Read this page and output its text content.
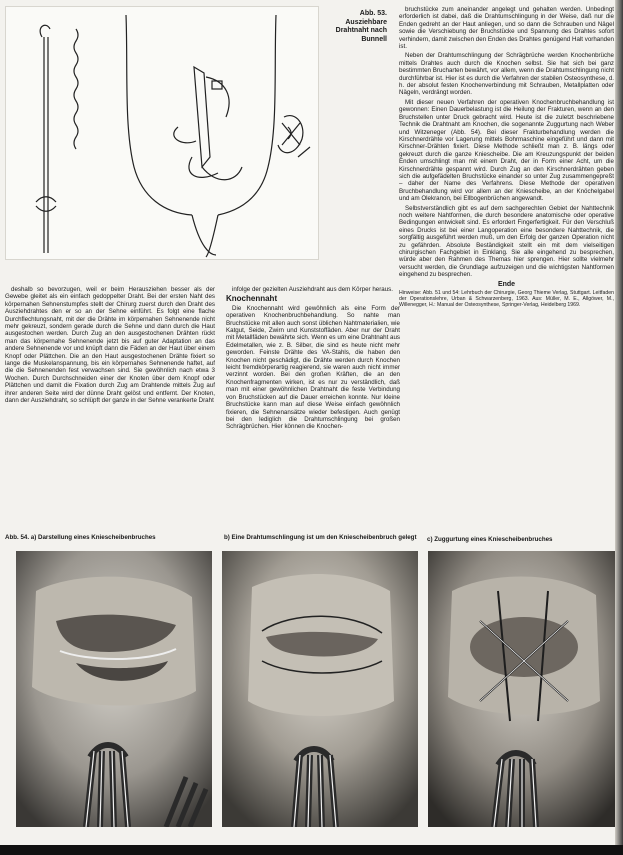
Abb. 53. Ausziehbare Drahtnaht nach Bunnell

deshalb so bevorzugen, weil er beim Herausziehen besser als der Gewebe gleitet als ein einfach gedoppelter Draht. Bei der ersten Naht des körpernahen Sehnenstumpfes stellt der Chirurg zuerst durch den Draht des Ausziehdrahtes den er so an der Sehne einführt. Es folgt eine flache Durchflechtungsnaht, mit der die Drähte im körpernahen Sehnenende nicht mehr gekreuzt, sondern gerade durch die Sehne und dann durch die Haut ausgestochen werden. Durch Zug an den ausgestochenen Drähten rückt man das körpernahe Sehnenende jetzt bis auf guter Adaptation an das andere Sehnenende vor und knüpft dann die Fäden an der Haut über einem Knopf oder Plättchen. Die an den Haut ausgestochenen Drähte fixiert so lange die Muskelanspannung, bis ein körpernahes Sehnenende haftet, auf die die Sehnenenden fest verwachsen sind. Sie gewöhnlich nach etwa 3 Wochen. Durch Durchschneiden einer der Knoten über dem Knopf oder Plättchen und damit die Fixation durch Zug am Drahtende mittels Zug auf ihrer anderen Seite wird der dünne Draht gelöst und entfernt. Der Knoten, dann der Ausziehdraht, so schlüpft der ganze in der Sehne verankerte Draht

infolge der gezielten Ausziehdraht aus dem Körper heraus.

Knochennaht

Die Knochennaht wird gewöhnlich als eine Form der operativen Knochenbruchbehandlung. So nahte man Bruchstücke mit allen auch sonst üblichen Nahtmaterialien, wie Katgut, Seide, Zwirn und Kunststoffäden. Aber nur der Draht mit Metallfäden bewährte sich. Wenn es um eine Drahtnaht aus Edelmetallen, wie z. B. Silber, die sind es heute nicht mehr geworden. Feinste Drähte des VA-Stahls, die haben den Knochen nicht geschädigt, die Drähte werden durch Knochen leicht fremdkörperartig reagierend, sie waren auch nicht immer verzinnt worden. Bei den großen Kräften, die an den Knochenfragmenten wirken, ist es nur zu verständlich, daß man mit einer gewöhnlichen Drahtnaht die feste Verbindung von Bruchstücken auf die Dauer erreichen konnte. Nur kleine Bruchstücke kann man auf diese Weise einfach gewöhnlich fixieren, die Sehnenansätze wieder befestigen. Auch genügt bei den lediglich die Drahtumschlingung bei großen Schrägbrüchen. Hier können die Knochen-

bruchstücke zum aneinander angelegt und gehalten werden. Unbedingt erforderlich ist dabei, daß die Drahtumschlingung in der Weise, daß nur die Enden gedreht an der Haut anliegen, und so dann die Schrauben und Nägel sowie die Verschiebung der Bruchstücke und Spannung des Drahtes sofort verhindern, damit zwischen den Enden des Drahtes genügend Halt vorhanden ist.

Neben der Drahtumschlingung der Schrägbrüche werden Knochenbrüche mittels Drahtes auch durch die Knochen selbst. Sie hat sich bei ganz bestimmten Brucharten bewährt, vor allem, wenn die Drahtumschlingung nicht durchführbar ist. Hier ist es durch die Verfahren der stabilen Osteosynthese, d. h. der absolut festen Knochenverbindung mit Schrauben, Metallplatten oder Nägeln, verdrängt worden.

Mit dieser neuen Verfahren der operativen Knochenbruchbehandlung ist gewonnen: Einen Dauerbelastung ist die Heilung der Frakturen, wenn an den Bruchstellen unter Druck gebracht wird. Heute ist die zuletzt beschriebene Technik die Drahtnaht am Knochen, die sogenannte Zuggurtung nach Weber und Witzeneger (Abb. 54). Bei dieser Frakturbehandlung werden die Kirschnerdrähte vor Lagerung mittels Bohrmaschine eingeführt und dann mit Kirschner-Drähten fixiert. Diese Methode schließt man z. B. längs oder gekreuzt durch die ganze Kniescheibe. Die am Kreuzungspunkt der beiden Enden umschlingt man mit einem Draht, der in Form einer Acht, um die Kirschnerdrähte gespannt wird. Durch Zug an den Kirschnerdrähten geben sich die aufgefädelten Bruchstücke einander so unter Zug zusammengepreßt – daher der Name des Verfahrens. Diese Methode der operativen Bruchbehandlung wird vor allem an der Kniescheibe, an der Knöchelgabel und am Olekranon, bei Ellbogenbrüchen angewandt.

Selbstverständlich gibt es auf dem sachgerechten Gebiet der Nahttechnik noch weitere Nahtformen, die durch besondere anatomische oder operative Bedingungen entwickelt sind. Es erfordert Fingerfertigkeit. Für den Verschluß eines Drucks ist bei einer Langoperation eine besondere Nahttechnik, die sorgfältig ausgeführt werden muß, um den Erfolg der ganzen Operation nicht zu gefährden. Absolute Beständigkeit stellt ein mit dem vielseitigen chirurgischen Fachgebiet in Einklang. Sie alle eingehend zu besprechen, würde aber den Rahmen des Themas hier sprengen. Hier sollte vielmehr versucht werden, die Grundlage aufzuzeigen und die wichtigsten Nahtformen eingehend zu besprechen.

Ende

Hinweise: Abb. 51 und 54: Lehrbuch der Chirurgie, Georg Thieme Verlag, Stuttgart. Leitfaden der Operationslehre, Urban & Schwarzenberg, 1963. Aus: Müller, M. E., Allgöwer, M., Willenegger, H.: Manual der Osteosynthese, Springer-Verlag, Heidelberg 1969.

Abb. 54. a) Darstellung eines Kniescheibenbruches	b) Eine Drahtumschlingung ist um den Kniescheibenbruch gelegt	c) Zuggurtung eines Kniescheibenbruches
